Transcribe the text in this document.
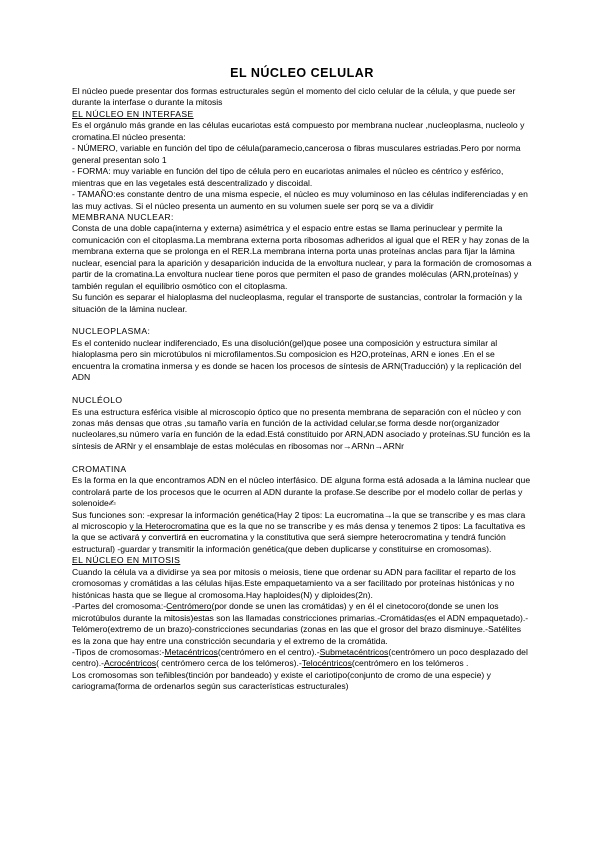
EL NÚCLEO CELULAR

El núcleo puede presentar dos formas estructurales según el momento del ciclo celular de la célula, y que puede ser durante la interfase o durante la mitosis

EL NÚCLEO EN INTERFASE

Es el orgánulo más grande en las células eucariotas está compuesto por membrana nuclear ,nucleoplasma, nucleolo y cromatina.El núcleo presenta:

- NÚMERO, variable en función del tipo de célula(paramecio,cancerosa o fibras musculares estriadas.Pero por norma general presentan solo 1

- FORMA: muy variable en función del tipo de célula pero en eucariotas animales el núcleo es céntrico y esférico, mientras que en las vegetales está descentralizado y discoidal.

- TAMAÑO:es constante dentro de una misma especie, el núcleo es muy voluminoso en las células indiferenciadas y en las muy activas. Si el núcleo presenta un aumento en su volumen suele ser porq se va a dividir

MEMBRANA NUCLEAR:

Consta de una doble capa(interna y externa) asimétrica y el espacio entre estas se llama perinuclear y permite la comunicación con el citoplasma.La membrana externa porta ribosomas adheridos al igual que el RER y hay zonas de la membrana externa que se prolonga en el RER.La membrana interna porta unas proteínas anclas para fijar la lámina nuclear, esencial para la aparición y desaparición inducida de la envoltura nuclear, y para la formación de cromosomas a partir de la cromatina.La envoltura nuclear tiene poros que permiten el paso de grandes moléculas (ARN,proteínas) y también regulan el equilibrio osmótico con el citoplasma.

Su función es separar el hialoplasma del nucleoplasma, regular el transporte de sustancias, controlar la formación y la situación de la lámina nuclear.

NUCLEOPLASMA:

Es el contenido nuclear indiferenciado, Es una disolución(gel)que posee una composición y estructura similar al hialoplasma pero sin microtúbulos ni microfilamentos.Su composicion es H2O,proteínas, ARN e iones .En el se encuentra la cromatina inmersa y es donde se hacen los procesos de síntesis de ARN(Traducción) y la replicación del ADN

NUCLÉOLO

Es una estructura esférica visible al microscopio óptico que no presenta membrana de separación con el núcleo y con zonas más densas que otras ,su tamaño varía en función de la actividad celular,se forma desde nor(organizador nucleolares,su número varía en función de la edad.Está constituido por ARN,ADN asociado y proteínas.SU función es la síntesis de ARNr y el ensamblaje de estas moléculas en ribosomas nor→ARNn→ARNr

CROMATINA

Es la forma en la que encontramos ADN en el núcleo interfásico. DE alguna forma está adosada a la lámina nuclear que controlará parte de los procesos que le ocurren al ADN durante la profase.Se describe por el modelo collar de perlas y solenoide✍

Sus funciones son: -expresar la información genética(Hay 2 tipos: La eucromatina→la que se transcribe y es mas clara al microscopio y la Heterocromatina que es la que no se transcribe y es más densa y tenemos 2 tipos: La facultativa es la que se activará y convertirá en eucromatina y la constitutiva que será siempre heterocromatina y tendrá función estructural) -guardar y transmitir la información genética(que deben duplicarse y constituirse en cromosomas).

EL NÚCLEO EN MITOSIS

Cuando la célula va a dividirse ya sea por mitosis o meiosis, tiene que ordenar su ADN para facilitar el reparto de los cromosomas y cromátidas a las células hijas.Este empaquetamiento va a ser facilitado por proteínas histónicas y no histónicas hasta que se llegue al cromosoma.Hay haploides(N) y diploides(2n).

-Partes del cromosoma:-Centrómero(por donde se unen las cromátidas) y en él el cinetocoro(donde se unen los microtúbulos durante la mitosis)estas son las llamadas constricciones primarias.-Cromátidas(es el ADN empaquetado).-Telómero(extremo de un brazo)-constricciones secundarias (zonas en las que el grosor del brazo disminuye.-Satélites es la zona que hay entre una constricción secundaria y el extremo de la cromátida.

-Tipos de cromosomas:-Metacéntricos(centrómero en el centro).-Submetacéntricos(centrómero un poco desplazado del centro).-Acrocéntricos( centrómero cerca de los telómeros).-Telocéntricos(centrómero en los telómeros .

Los cromosomas son teñibles(tinción por bandeado) y existe el cariotipo(conjunto de cromo de una especie) y cariograma(forma de ordenarlos según sus características estructurales)
